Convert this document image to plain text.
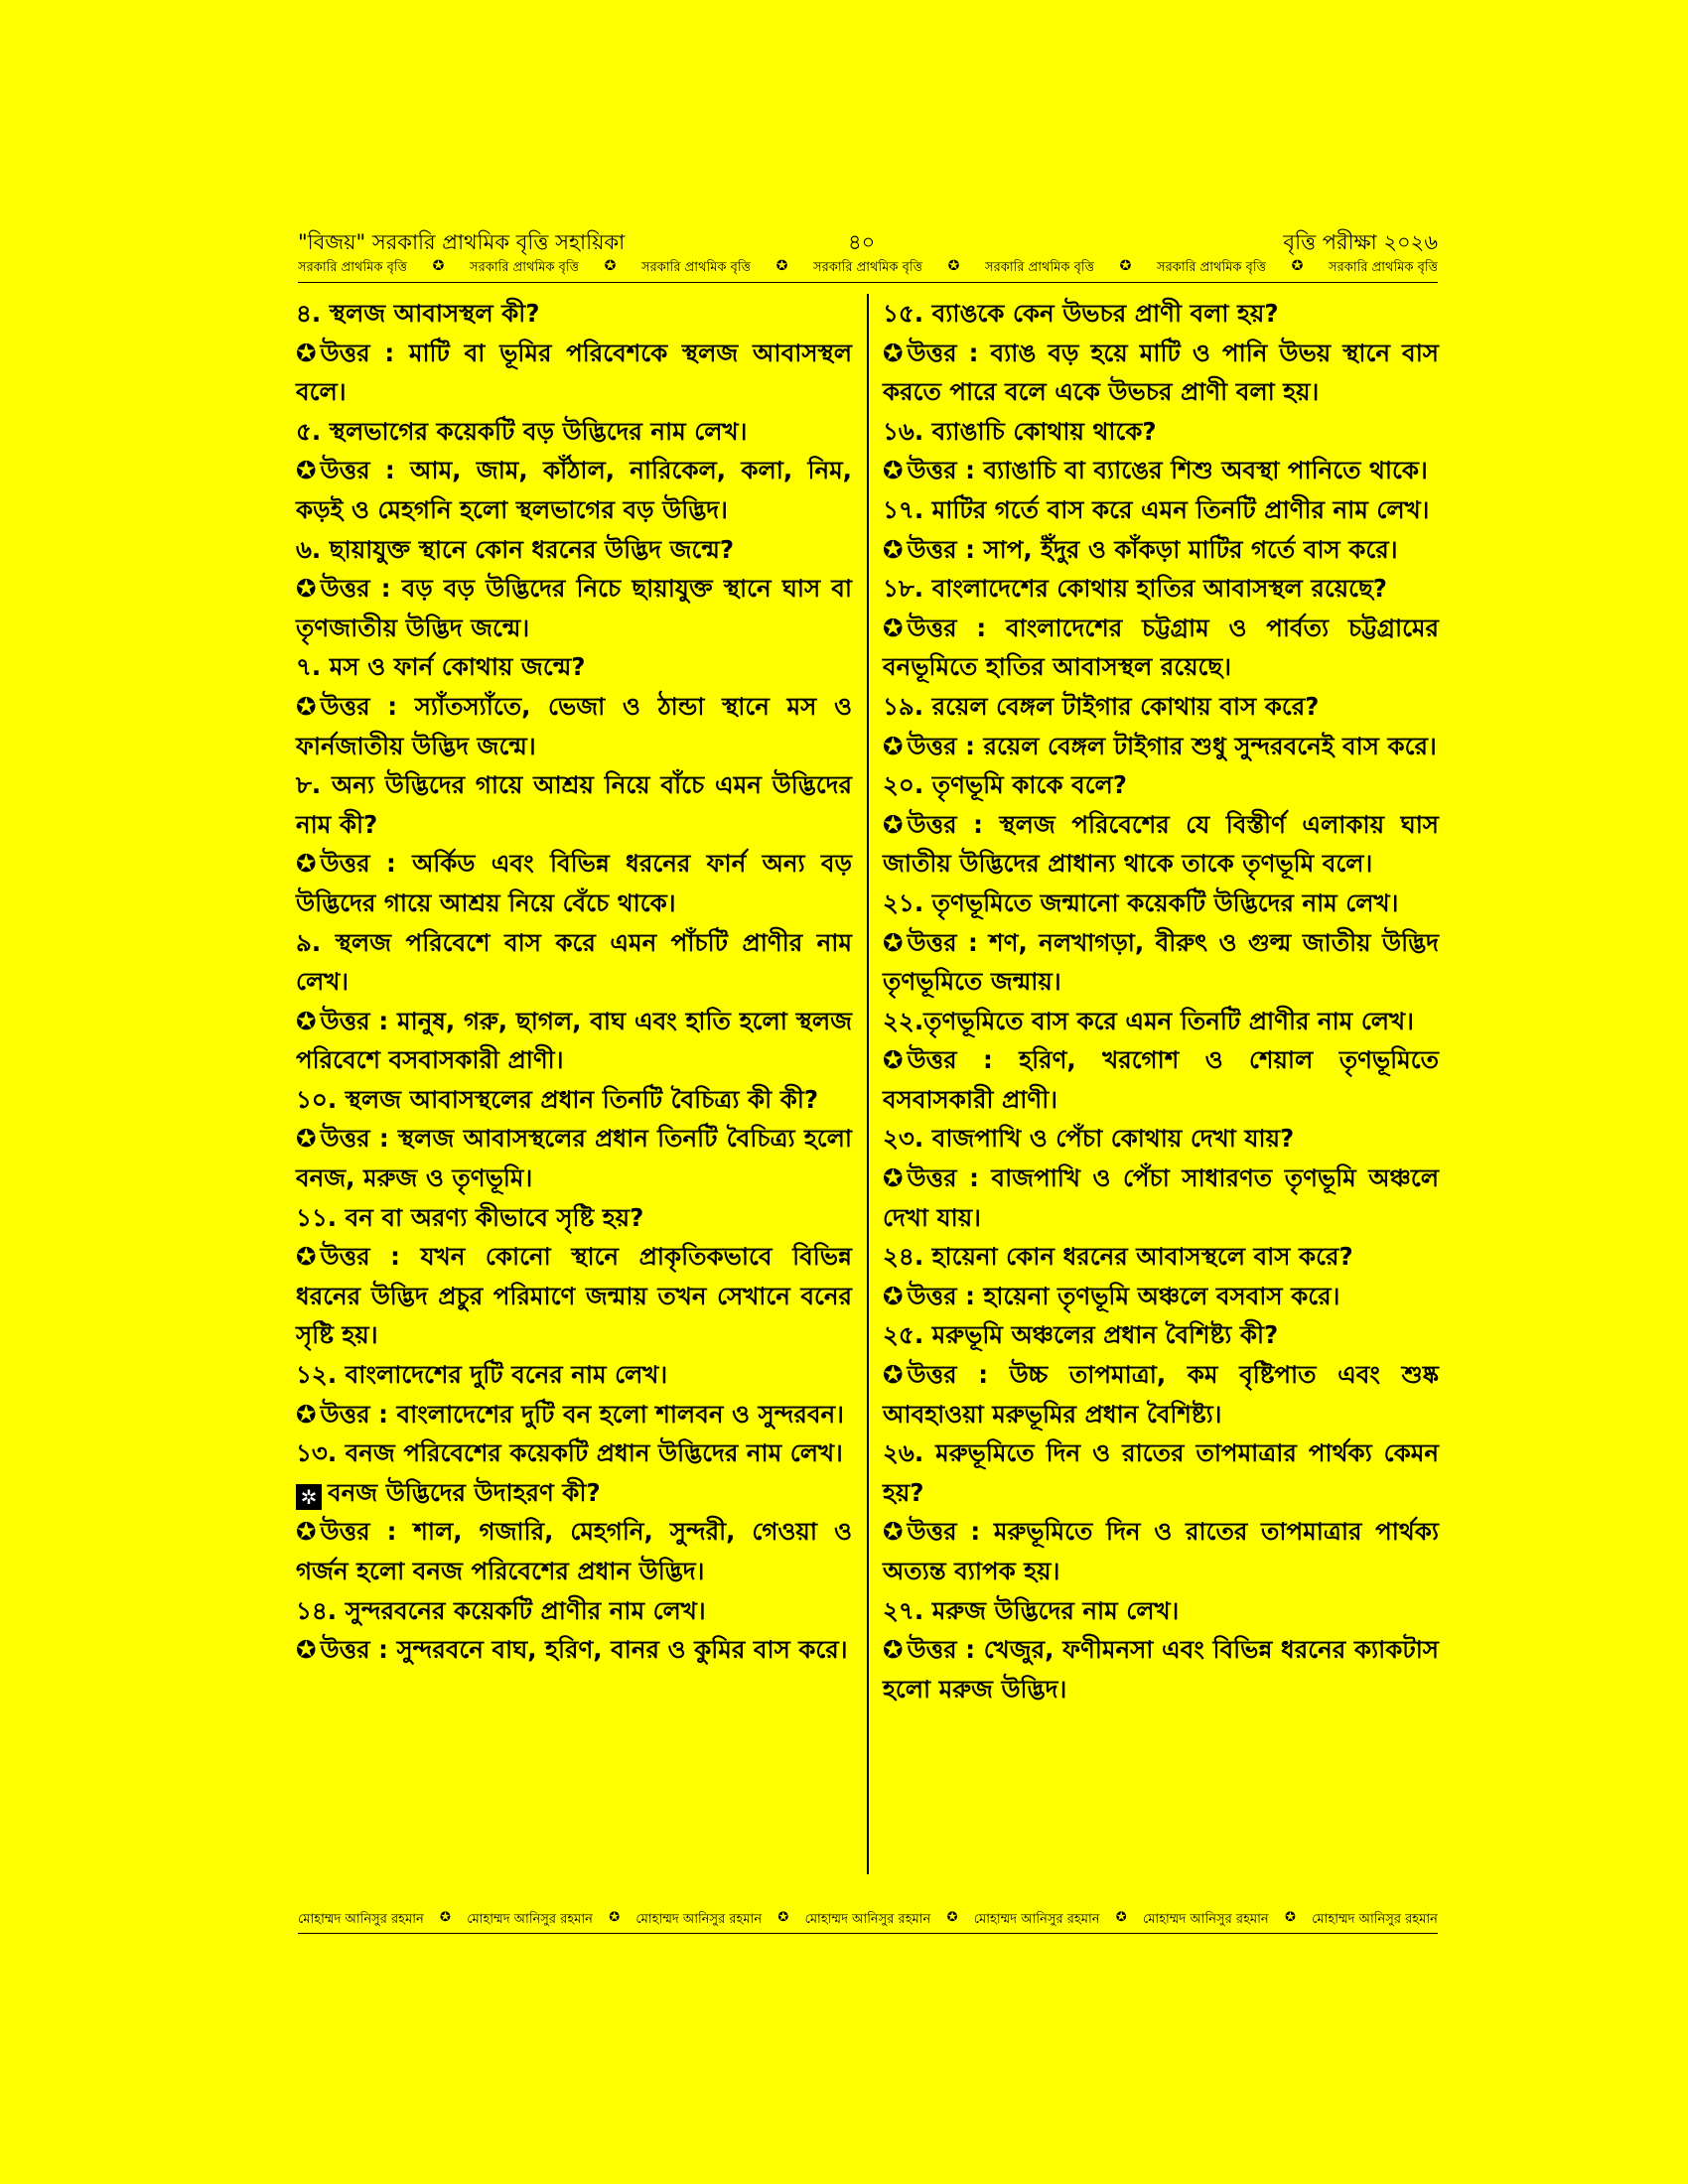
"বিজয়" সরকারি প্রাথমিক বৃত্তি সহায়িকা	৪০	বৃত্তি পরীক্ষা ২০২৬
সরকারি প্রাথমিক বৃত্তি ✪ সরকারি প্রাথমিক বৃত্তি ✪ সরকারি প্রাথমিক বৃত্তি ✪ সরকারি প্রাথমিক বৃত্তি ✪ সরকারি প্রাথমিক বৃত্তি ✪ সরকারি প্রাথমিক বৃত্তি ✪ সরকারি প্রাথমিক বৃত্তি
৪. স্থলজ আবাসস্থল কী?
✪ উত্তর : মাটি বা ভূমির পরিবেশকে স্থলজ আবাসস্থল বলে।
৫. স্থলভাগের কয়েকটি বড় উদ্ভিদের নাম লেখ।
✪ উত্তর : আম, জাম, কাঁঠাল, নারিকেল, কলা, নিম, কড়ই ও মেহগনি হলো স্থলভাগের বড় উদ্ভিদ।
৬. ছায়াযুক্ত স্থানে কোন ধরনের উদ্ভিদ জন্মে?
✪ উত্তর : বড় বড় উদ্ভিদের নিচে ছায়াযুক্ত স্থানে ঘাস বা তৃণজাতীয় উদ্ভিদ জন্মে।
৭. মস ও ফার্ন কোথায় জন্মে?
✪ উত্তর : স্যাঁতস্যাঁতে, ভেজা ও ঠান্ডা স্থানে মস ও ফার্নজাতীয় উদ্ভিদ জন্মে।
৮. অন্য উদ্ভিদের গায়ে আশ্রয় নিয়ে বাঁচে এমন উদ্ভিদের নাম কী?
✪ উত্তর : অর্কিড এবং বিভিন্ন ধরনের ফার্ন অন্য বড় উদ্ভিদের গায়ে আশ্রয় নিয়ে বেঁচে থাকে।
৯. স্থলজ পরিবেশে বাস করে এমন পাঁচটি প্রাণীর নাম লেখ।
✪ উত্তর : মানুষ, গরু, ছাগল, বাঘ এবং হাতি হলো স্থলজ পরিবেশে বসবাসকারী প্রাণী।
১০. স্থলজ আবাসস্থলের প্রধান তিনটি বৈচিত্র্য কী কী?
✪ উত্তর : স্থলজ আবাসস্থলের প্রধান তিনটি বৈচিত্র্য হলো বনজ, মরুজ ও তৃণভূমি।
১১. বন বা অরণ্য কীভাবে সৃষ্টি হয়?
✪ উত্তর : যখন কোনো স্থানে প্রাকৃতিকভাবে বিভিন্ন ধরনের উদ্ভিদ প্রচুর পরিমাণে জন্মায় তখন সেখানে বনের সৃষ্টি হয়।
১২. বাংলাদেশের দুটি বনের নাম লেখ।
✪ উত্তর : বাংলাদেশের দুটি বন হলো শালবন ও সুন্দরবন।
১৩. বনজ পরিবেশের কয়েকটি প্রধান উদ্ভিদের নাম লেখ।
✲ বনজ উদ্ভিদের উদাহরণ কী?
✪ উত্তর : শাল, গজারি, মেহগনি, সুন্দরী, গেওয়া ও গর্জন হলো বনজ পরিবেশের প্রধান উদ্ভিদ।
১৪. সুন্দরবনের কয়েকটি প্রাণীর নাম লেখ।
✪ উত্তর : সুন্দরবনে বাঘ, হরিণ, বানর ও কুমির বাস করে।
১৫. ব্যাঙকে কেন উভচর প্রাণী বলা হয়?
✪ উত্তর : ব্যাঙ বড় হয়ে মাটি ও পানি উভয় স্থানে বাস করতে পারে বলে একে উভচর প্রাণী বলা হয়।
১৬. ব্যাঙাচি কোথায় থাকে?
✪ উত্তর : ব্যাঙাচি বা ব্যাঙের শিশু অবস্থা পানিতে থাকে।
১৭. মাটির গর্তে বাস করে এমন তিনটি প্রাণীর নাম লেখ।
✪ উত্তর : সাপ, ইঁদুর ও কাঁকড়া মাটির গর্তে বাস করে।
১৮. বাংলাদেশের কোথায় হাতির আবাসস্থল রয়েছে?
✪ উত্তর : বাংলাদেশের চট্টগ্রাম ও পার্বত্য চট্টগ্রামের বনভূমিতে হাতির আবাসস্থল রয়েছে।
১৯. রয়েল বেঙ্গল টাইগার কোথায় বাস করে?
✪ উত্তর : রয়েল বেঙ্গল টাইগার শুধু সুন্দরবনেই বাস করে।
২০. তৃণভূমি কাকে বলে?
✪ উত্তর : স্থলজ পরিবেশের যে বিস্তীর্ণ এলাকায় ঘাস জাতীয় উদ্ভিদের প্রাধান্য থাকে তাকে তৃণভূমি বলে।
২১. তৃণভূমিতে জন্মানো কয়েকটি উদ্ভিদের নাম লেখ।
✪ উত্তর : শণ, নলখাগড়া, বীরুৎ ও গুল্ম জাতীয় উদ্ভিদ তৃণভূমিতে জন্মায়।
২২.তৃণভূমিতে বাস করে এমন তিনটি প্রাণীর নাম লেখ।
✪ উত্তর : হরিণ, খরগোশ ও শেয়াল তৃণভূমিতে বসবাসকারী প্রাণী।
২৩. বাজপাখি ও পেঁচা কোথায় দেখা যায়?
✪ উত্তর : বাজপাখি ও পেঁচা সাধারণত তৃণভূমি অঞ্চলে দেখা যায়।
২৪. হায়েনা কোন ধরনের আবাসস্থলে বাস করে?
✪ উত্তর : হায়েনা তৃণভূমি অঞ্চলে বসবাস করে।
২৫. মরুভূমি অঞ্চলের প্রধান বৈশিষ্ট্য কী?
✪ উত্তর : উচ্চ তাপমাত্রা, কম বৃষ্টিপাত এবং শুষ্ক আবহাওয়া মরুভূমির প্রধান বৈশিষ্ট্য।
২৬. মরুভূমিতে দিন ও রাতের তাপমাত্রার পার্থক্য কেমন হয়?
✪ উত্তর : মরুভূমিতে দিন ও রাতের তাপমাত্রার পার্থক্য অত্যন্ত ব্যাপক হয়।
২৭. মরুজ উদ্ভিদের নাম লেখ।
✪ উত্তর : খেজুর, ফণীমনসা এবং বিভিন্ন ধরনের ক্যাকটাস হলো মরুজ উদ্ভিদ।
মোহাম্মদ আনিসুর রহমান ✪ মোহাম্মদ আনিসুর রহমান ✪ মোহাম্মদ আনিসুর রহমান ✪ মোহাম্মদ আনিসুর রহমান ✪ মোহাম্মদ আনিসুর রহমান ✪ মোহাম্মদ আনিসুর রহমান ✪ মোহাম্মদ আনিসুর রহমান
